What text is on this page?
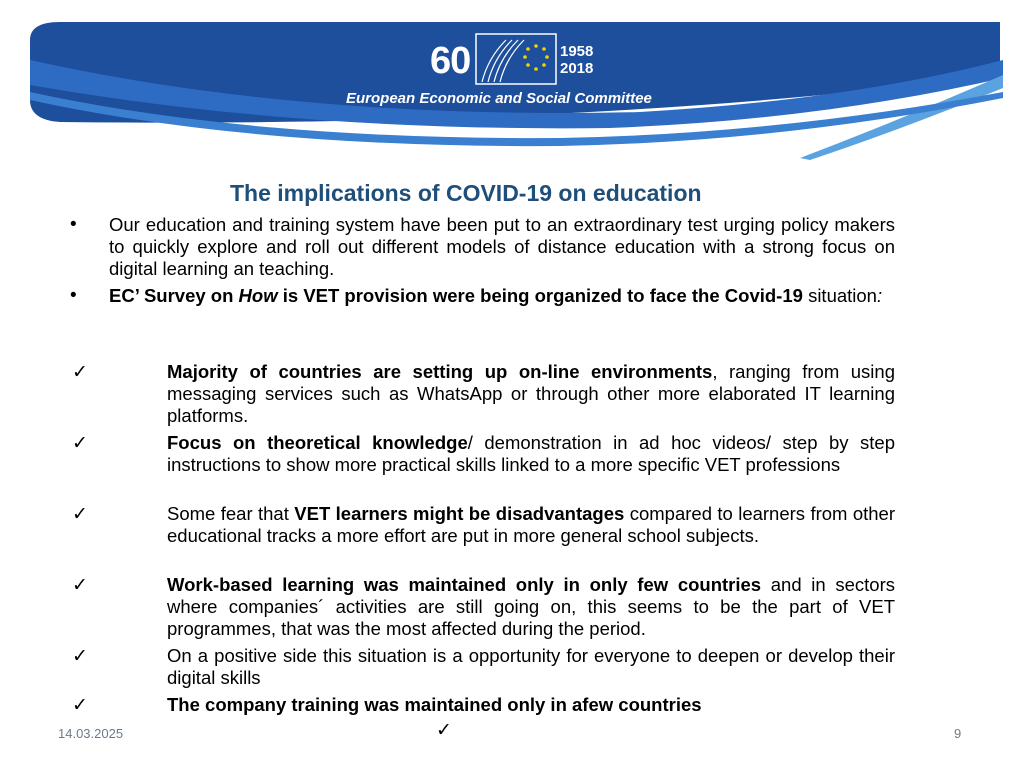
60	1958
2018
European Economic and Social Committee
The implications of COVID-19 on education
• Our education and training system have been put to an extraordinary test urging policy makers to quickly explore and roll out different models of distance education with a strong focus on digital learning an teaching.
• EC’ Survey on How is VET provision were being organized to face the Covid-19 situation:
✓	Majority of countries are setting up on-line environments, ranging from using messaging services such as WhatsApp or through other more elaborated IT learning platforms.
✓	Focus on theoretical knowledge/ demonstration in ad hoc videos/ step by step instructions to show more practical skills linked to a more specific VET professions
✓	Some fear that VET learners might be disadvantages compared to learners from other educational tracks a more effort are put in more general school subjects.
✓	Work-based learning was maintained only in only few countries and in sectors where companies´ activities are still going on, this seems to be the part of VET programmes, that was the most affected during the period.
✓	On a positive side this situation is a opportunity for everyone to deepen or develop their digital skills
✓	The company training was maintained only in afew countries
14.03.2025	✓	9
